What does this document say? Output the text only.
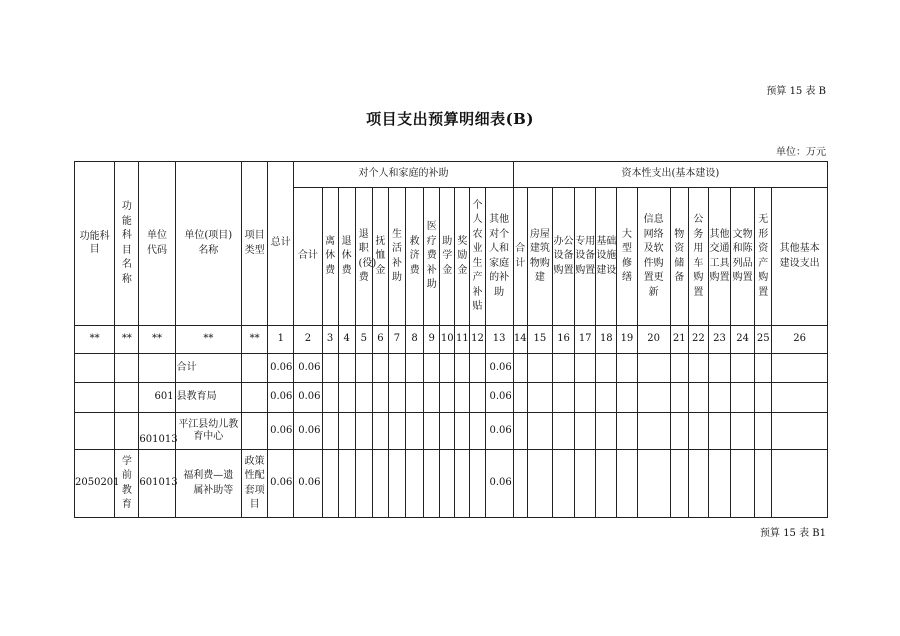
预算 15 表 B
项目支出预算明细表(B)
单位：万元
功能科目	功能科目名称	单位代码	单位(项目)名称	项目类型	总计	对个人和家庭的补助												资本性支出(基本建设)												
						合计	离休费	退休费	退职(役)费	抚恤金	生活补助	救济费	医疗费补助	助学金	奖励金	个人农业生产补贴	其他对个人和家庭的补助	合计	房屋建筑物购建	办公设备购置	专用设备购置	基础设施建设	大型修缮	信息网络及软件购置更新	物资储备	公务用车购置	其他交通工具购置	文物和陈列品购置	无形资产购置	其他基本建设支出

**	**	**	**	**	1	2	3	4	5	6	7	8	9	10	11	12	13	14	15	16	17	18	19	20	21	22	23	24	25	26
			合计		0.06	0.06											0.06													
		601	县教育局		0.06	0.06											0.06													
		601013	平江县幼儿教育中心		0.06	0.06											0.06													
2050201	学前教育	601013	福利费—遗属补助等	政策性配套项目	0.06	0.06											0.06													
预算 15 表 B1
